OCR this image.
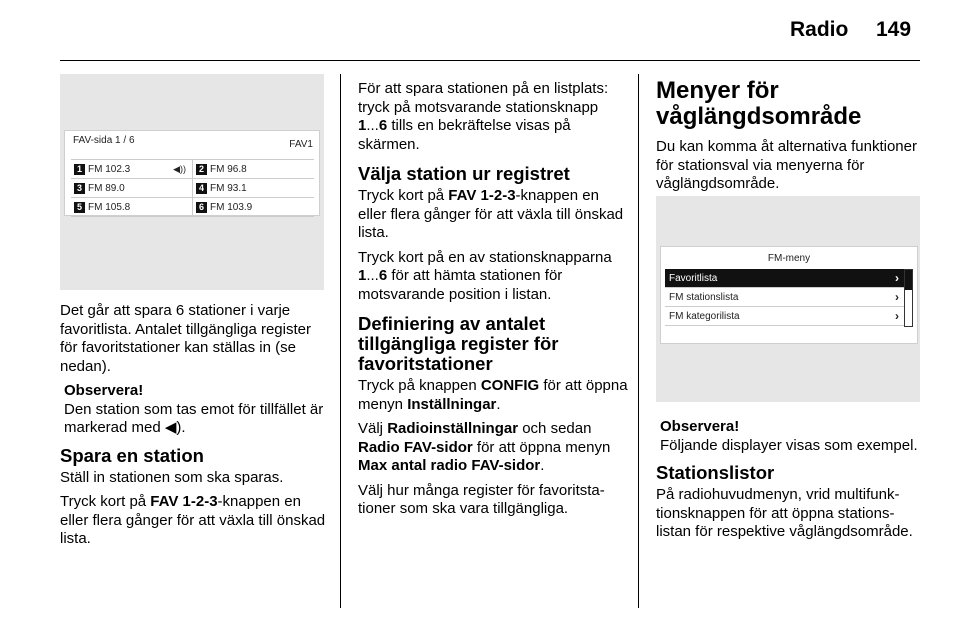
Radio 149
FAV-sida 1 / 6	FAV1
1 FM 102.3	◀))	2 FM 96.8
3 FM 89.0	4 FM 93.1
5 FM 105.8	6 FM 103.9

Det går att spara 6 stationer i varje favoritlista. Antalet tillgängliga register för favoritstationer kan ställas in (se nedan).

Observera!
Den station som tas emot för tillfället är markerad med ◀).
Spara en station

Ställ in stationen som ska sparas.

Tryck kort på FAV 1-2-3-knappen en eller flera gånger för att växla till önskad lista.

För att spara stationen på en listplats: tryck på motsvarande stationsknapp 1...6 tills en bekräftelse visas på skärmen.

Välja station ur registret

Tryck kort på FAV 1-2-3-knappen en eller flera gånger för att växla till önskad lista.

Tryck kort på en av stationsknapparna 1...6 för att hämta stationen för motsvarande position i listan.

Definiering av antalet tillgängliga register för favoritstationer

Tryck på knappen CONFIG för att öppna menyn Inställningar.

Välj Radioinställningar och sedan Radio FAV-sidor för att öppna menyn Max antal radio FAV-sidor.

Välj hur många register för favoritstationer som ska vara tillgängliga.

Menyer för våglängdsområde

Du kan komma åt alternativa funktioner för stationsval via menyerna för våglängdsområde.

FM-meny
Favoritlista	›
FM stationslista	›
FM kategorilista	›
Observera!
Följande displayer visas som exempel.
Stationslistor

På radiohuvudmenyn, vrid multifunktionsknappen för att öppna stationslistan för respektive våglängdsområde.
